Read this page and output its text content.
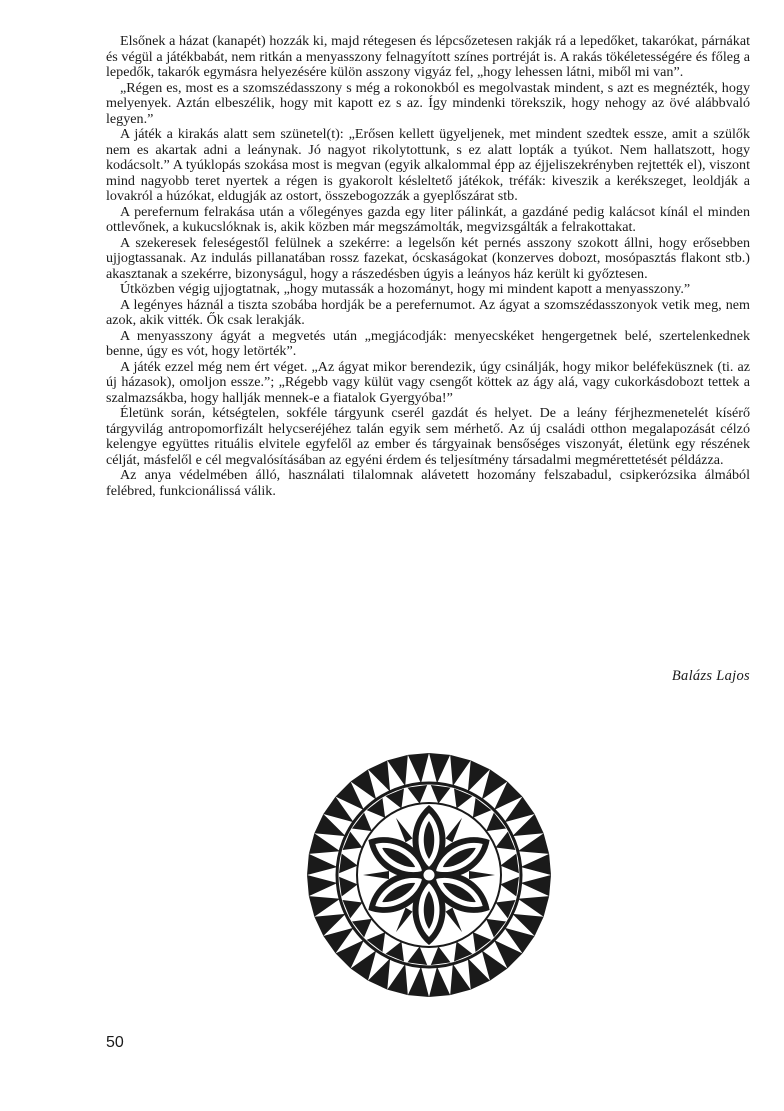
Elsőnek a házat (kanapét) hozzák ki, majd rétegesen és lépcsőzetesen rakják rá a lepedőket, takarókat, párnákat és végül a játékbabát, nem ritkán a menyasszony felnagyított színes portréját is. A rakás tökéletességére és főleg a lepedők, takarók egymásra helyezésére külön asszony vigyáz fel, „hogy lehessen látni, miből mi van”.

„Régen es, most es a szomszédasszony s még a rokonokból es megolvastak mindent, s azt es megnézték, hogy melyenyek. Aztán elbeszélik, hogy mit kapott ez s az. Így mindenki törekszik, hogy nehogy az övé alábbvaló legyen.”

A játék a kirakás alatt sem szünetel(t): „Erősen kellett ügyeljenek, met mindent szedtek essze, amit a szülők nem es akartak adni a leánynak. Jó nagyot rikolytottunk, s ez alatt lopták a tyúkot. Nem hallatszott, hogy kodácsolt.” A tyúklopás szokása most is megvan (egyik alkalommal épp az éjjeliszekrényben rejtették el), viszont mind nagyobb teret nyertek a régen is gyakorolt késleltető játékok, tréfák: kiveszik a kerékszeget, leoldják a lovakról a húzókat, eldugják az ostort, összebogozzák a gyeplőszárat stb.

A perefernum felrakása után a vőlegényes gazda egy liter pálinkát, a gazdáné pedig kalácsot kínál el minden ottlevőnek, a kukucslóknak is, akik közben már megszámolták, megvizsgálták a felrakottakat.

A szekeresek feleségestől felülnek a szekérre: a legelsőn két pernés asszony szokott állni, hogy erősebben ujjogtassanak. Az indulás pillanatában rossz fazekat, ócskaságokat (konzerves dobozt, mosópasztás flakont stb.) akasztanak a szekérre, bizonyságul, hogy a rászedésben úgyis a leányos ház került ki győztesen.

Útközben végig ujjogtatnak, „hogy mutassák a hozományt, hogy mi mindent kapott a menyasszony.”

A legényes háznál a tiszta szobába hordják be a perefernumot. Az ágyat a szomszédasszonyok vetik meg, nem azok, akik vitték. Ők csak lerakják.

A menyasszony ágyát a megvetés után „megjácodják: menyecskéket hengergetnek belé, szertelenkednek benne, úgy es vót, hogy letörték”.

A játék ezzel még nem ért véget. „Az ágyat mikor berendezik, úgy csinálják, hogy mikor beléfeküsznek (ti. az új házasok), omoljon essze.”; „Régebb vagy külüt vagy csengőt köttek az ágy alá, vagy cukorkásdobozt tettek a szalmazsákba, hogy hallják mennek-e a fiatalok Gyergyóba!”

Életünk során, kétségtelen, sokféle tárgyunk cserél gazdát és helyet. De a leány férjhezmenetelét kísérő tárgyvilág antropomorfizált helycseréjéhez talán egyik sem mérhető. Az új családi otthon megalapozását célzó kelengye együttes rituális elvitele egyfelől az ember és tárgyainak bensőséges viszonyát, életünk egy részének célját, másfelől e cél megvalósításában az egyéni érdem és teljesítmény társadalmi megmérettetését példázza.

Az anya védelmében álló, használati tilalomnak alávetett hozomány felszabadul, csipkerózsika álmából felébred, funkcionálissá válik.

Balázs Lajos
50
